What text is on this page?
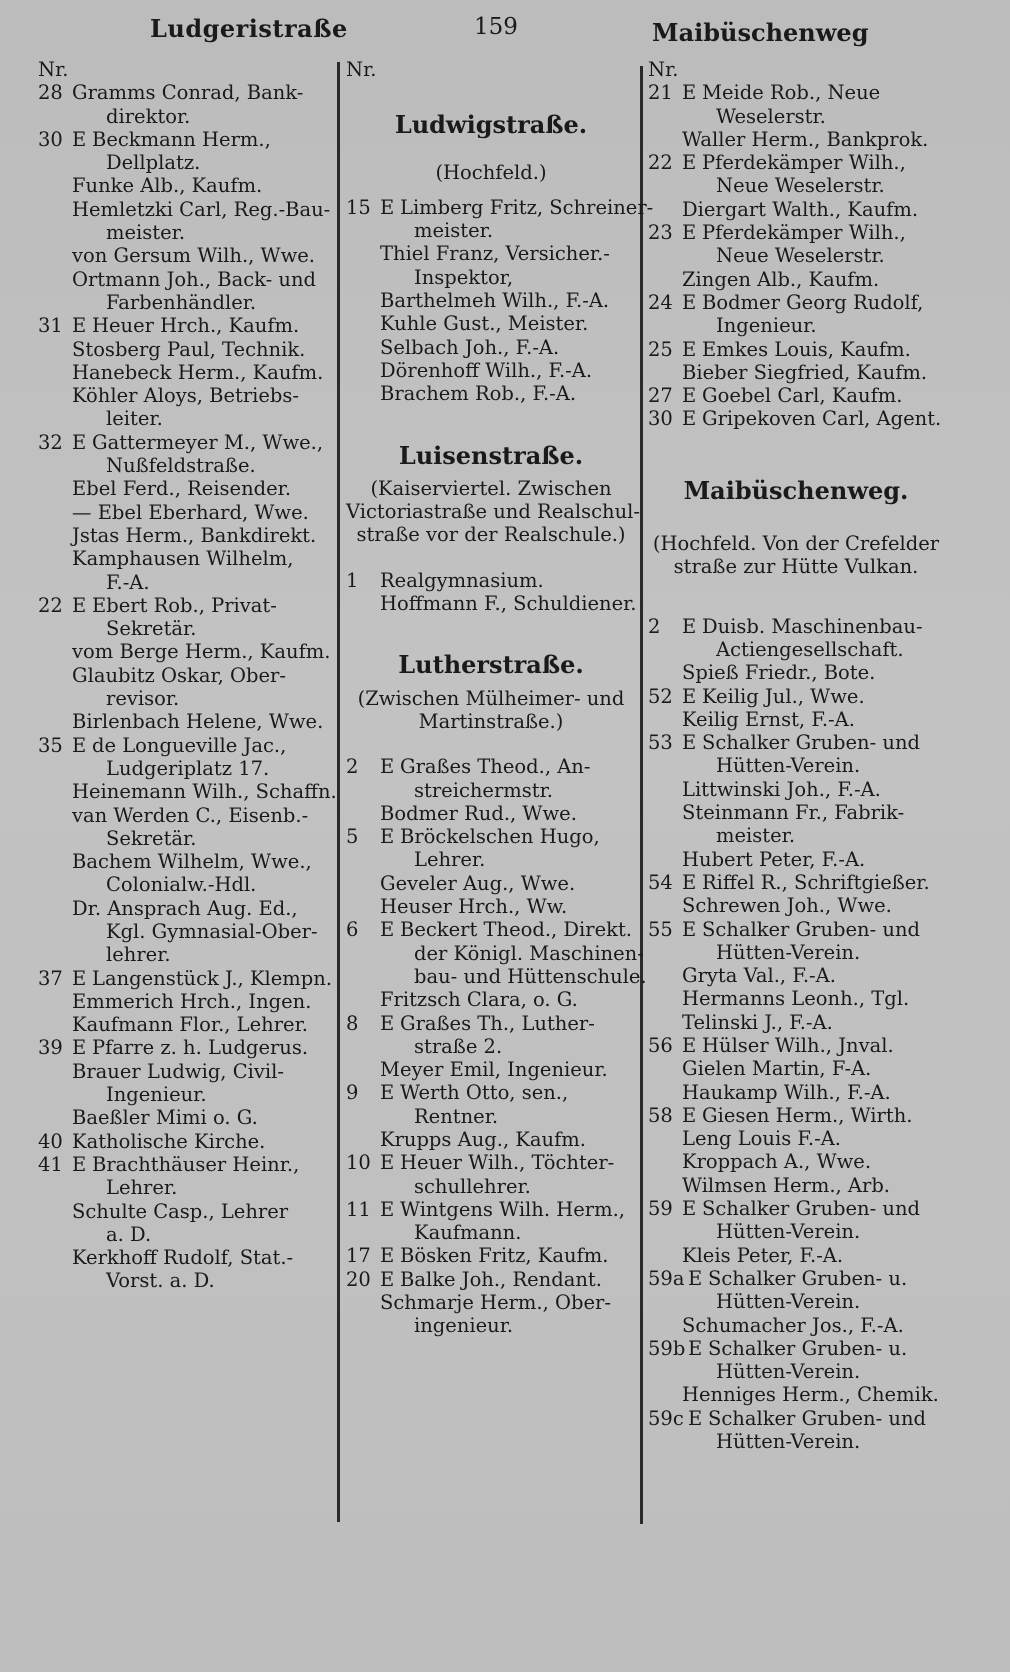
Ludgeristraße	159	Maibüschenweg
Nr.
28 Gramms Conrad, Bank-
direktor.
30 E Beckmann Herm.,
Dellplatz.
Funke Alb., Kaufm.
Hemletzki Carl, Reg.-Bau-
meister.
von Gersum Wilh., Wwe.
Ortmann Joh., Back- und
Farbenhändler.
31 E Heuer Hrch., Kaufm.
Stosberg Paul, Technik.
Hanebeck Herm., Kaufm.
Köhler Aloys, Betriebs-
leiter.
32 E Gattermeyer M., Wwe.,
Nußfeldstraße.
Ebel Ferd., Reisender.
— Ebel Eberhard, Wwe.
Jstas Herm., Bankdirekt.
Kamphausen Wilhelm,
F.-A.
22 E Ebert Rob., Privat-
Sekretär.
vom Berge Herm., Kaufm.
Glaubitz Oskar, Ober-
revisor.
Birlenbach Helene, Wwe.
35 E de Longueville Jac.,
Ludgeriplatz 17.
Heinemann Wilh., Schaffn.
van Werden C., Eisenb.-
Sekretär.
Bachem Wilhelm, Wwe.,
Colonialw.-Hdl.
Dr. Ansprach Aug. Ed.,
Kgl. Gymnasial-Ober-
lehrer.
37 E Langenstück J., Klempn.
Emmerich Hrch., Ingen.
Kaufmann Flor., Lehrer.
39 E Pfarre z. h. Ludgerus.
Brauer Ludwig, Civil-
Ingenieur.
Baeßler Mimi o. G.
40 Katholische Kirche.
41 E Brachthäuser Heinr.,
Lehrer.
Schulte Casp., Lehrer
a. D.
Kerkhoff Rudolf, Stat.-
Vorst. a. D.
Nr.
Ludwigstraße.
(Hochfeld.)
15 E Limberg Fritz, Schreiner-
meister.
Thiel Franz, Versicher.-
Inspektor,
Barthelmeh Wilh., F.-A.
Kuhle Gust., Meister.
Selbach Joh., F.-A.
Dörenhoff Wilh., F.-A.
Brachem Rob., F.-A.
Luisenstraße.
(Kaiserviertel. Zwischen
Victoriastraße und Realschul-
straße vor der Realschule.)
1 Realgymnasium.
Hoffmann F., Schuldiener.
Lutherstraße.
(Zwischen Mülheimer- und
Martinstraße.)
2 E Graßes Theod., An-
streichermstr.
Bodmer Rud., Wwe.
5 E Bröckelschen Hugo,
Lehrer.
Geveler Aug., Wwe.
Heuser Hrch., Ww.
6 E Beckert Theod., Direkt.
der Königl. Maschinen-
bau- und Hüttenschule.
Fritzsch Clara, o. G.
8 E Graßes Th., Luther-
straße 2.
Meyer Emil, Ingenieur.
9 E Werth Otto, sen.,
Rentner.
Krupps Aug., Kaufm.
10 E Heuer Wilh., Töchter-
schullehrer.
11 E Wintgens Wilh. Herm.,
Kaufmann.
17 E Bösken Fritz, Kaufm.
20 E Balke Joh., Rendant.
Schmarje Herm., Ober-
ingenieur.
Nr.
21 E Meide Rob., Neue
Weselerstr.
Waller Herm., Bankprok.
22 E Pferdekämper Wilh.,
Neue Weselerstr.
Diergart Walth., Kaufm.
23 E Pferdekämper Wilh.,
Neue Weselerstr.
Zingen Alb., Kaufm.
24 E Bodmer Georg Rudolf,
Ingenieur.
25 E Emkes Louis, Kaufm.
Bieber Siegfried, Kaufm.
27 E Goebel Carl, Kaufm.
30 E Gripekoven Carl, Agent.
Maibüschenweg.
(Hochfeld. Von der Crefelder
straße zur Hütte Vulkan.
2 E Duisb. Maschinenbau-
Actiengesellschaft.
Spieß Friedr., Bote.
52 E Keilig Jul., Wwe.
Keilig Ernst, F.-A.
53 E Schalker Gruben- und
Hütten-Verein.
Littwinski Joh., F.-A.
Steinmann Fr., Fabrik-
meister.
Hubert Peter, F.-A.
54 E Riffel R., Schriftgießer.
Schrewen Joh., Wwe.
55 E Schalker Gruben- und
Hütten-Verein.
Gryta Val., F.-A.
Hermanns Leonh., Tgl.
Telinski J., F.-A.
56 E Hülser Wilh., Jnval.
Gielen Martin, F-A.
Haukamp Wilh., F.-A.
58 E Giesen Herm., Wirth.
Leng Louis F.-A.
Kroppach A., Wwe.
Wilmsen Herm., Arb.
59 E Schalker Gruben- und
Hütten-Verein.
Kleis Peter, F.-A.
59a E Schalker Gruben- u.
Hütten-Verein.
Schumacher Jos., F.-A.
59b E Schalker Gruben- u.
Hütten-Verein.
Henniges Herm., Chemik.
59c E Schalker Gruben- und
Hütten-Verein.
